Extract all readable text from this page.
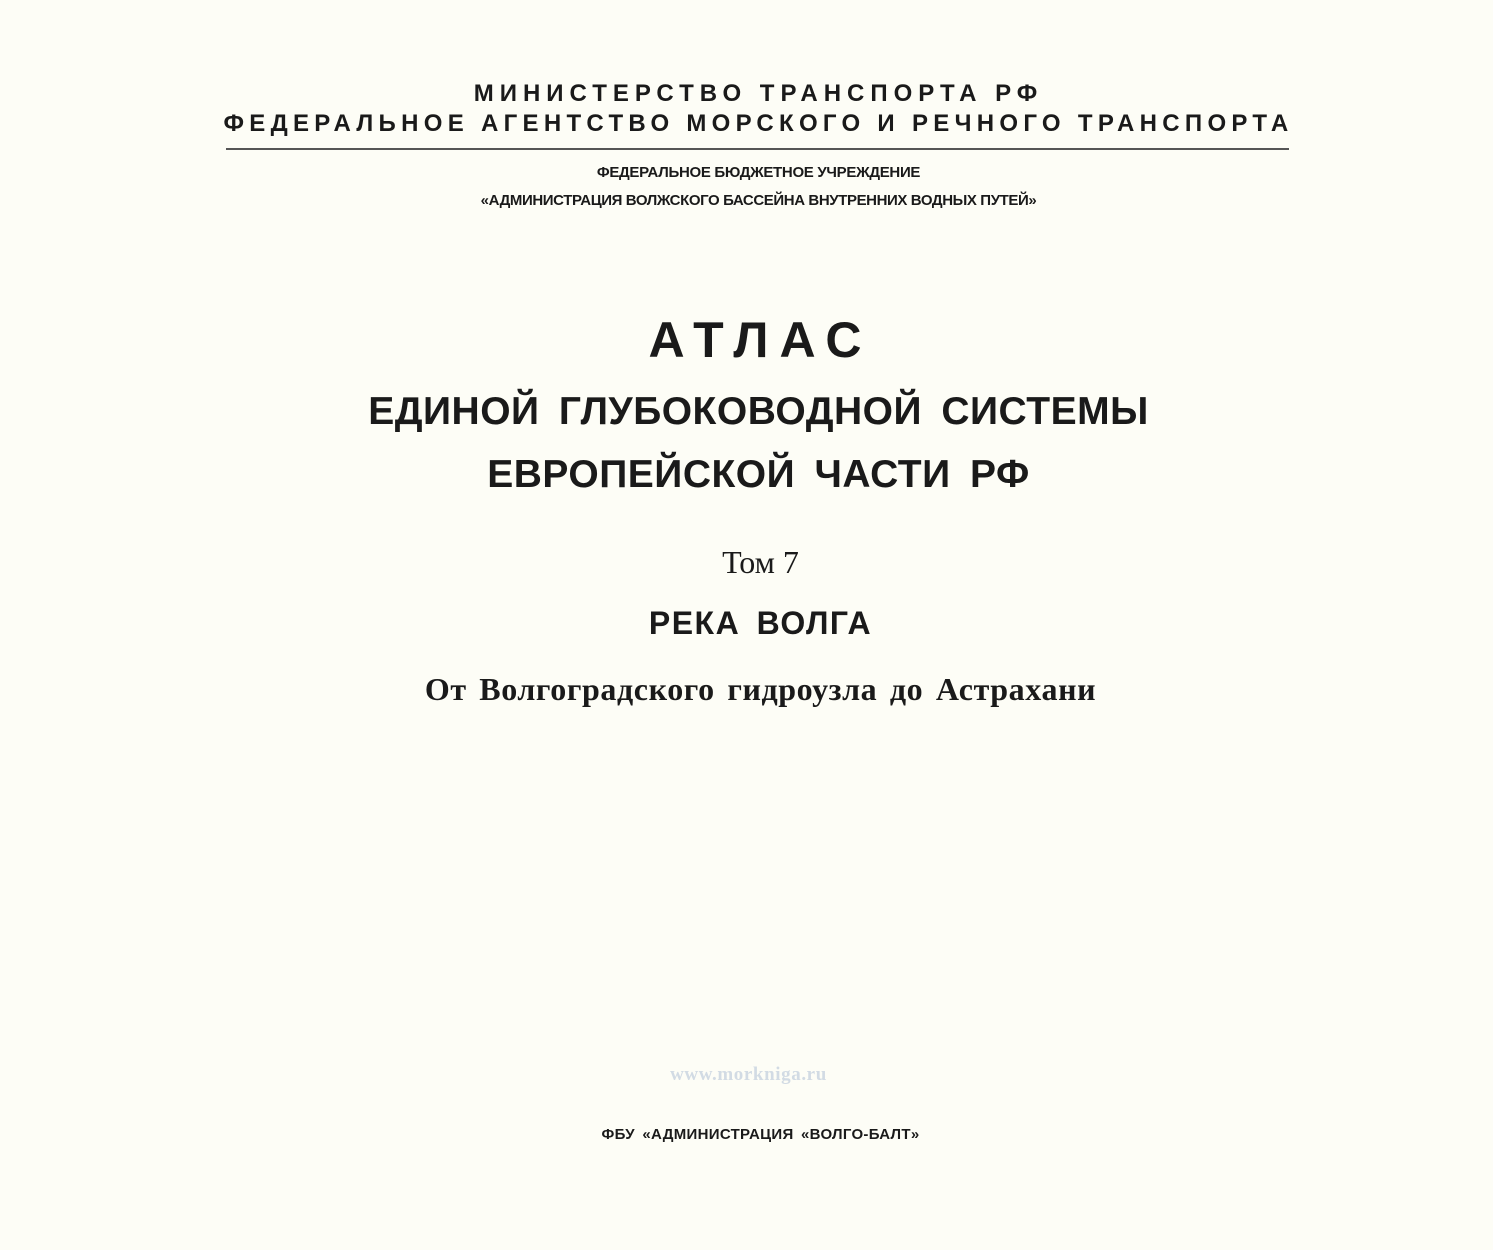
МИНИСТЕРСТВО ТРАНСПОРТА РФ
ФЕДЕРАЛЬНОЕ АГЕНТСТВО МОРСКОГО И РЕЧНОГО ТРАНСПОРТА
ФЕДЕРАЛЬНОЕ БЮДЖЕТНОЕ УЧРЕЖДЕНИЕ
«АДМИНИСТРАЦИЯ ВОЛЖСКОГО БАССЕЙНА ВНУТРЕННИХ ВОДНЫХ ПУТЕЙ»
АТЛАС
ЕДИНОЙ ГЛУБОКОВОДНОЙ СИСТЕМЫ
ЕВРОПЕЙСКОЙ ЧАСТИ РФ
Том 7
РЕКА ВОЛГА
От Волгоградского гидроузла до Астрахани
www.morkniga.ru
ФБУ «АДМИНИСТРАЦИЯ «ВОЛГО-БАЛТ»
